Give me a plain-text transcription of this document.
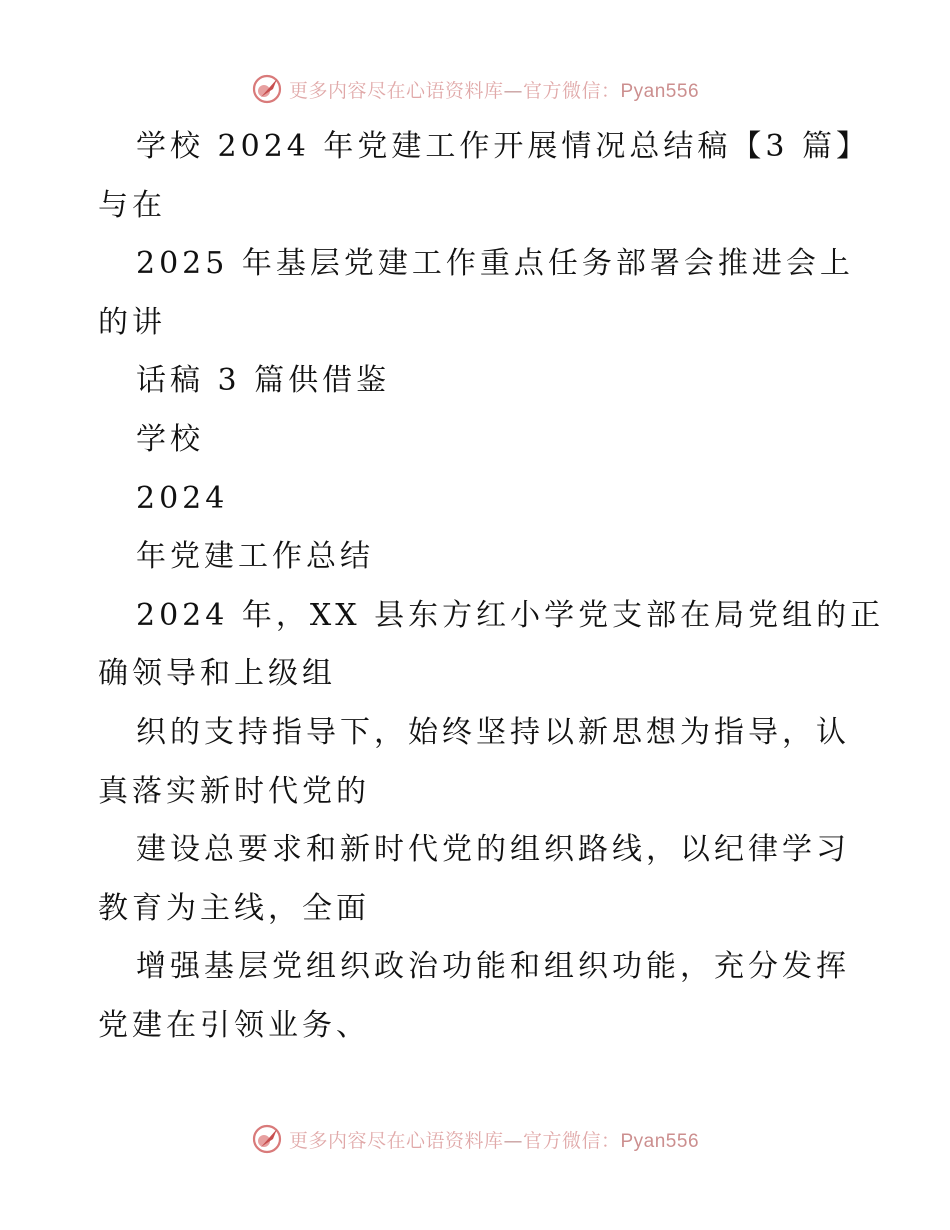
更多内容尽在心语资料库—官方微信：Pyan556
学校 2024 年党建工作开展情况总结稿【3 篇】
与在
2025 年基层党建工作重点任务部署会推进会上
的讲
话稿 3 篇供借鉴
学校
2024
年党建工作总结
2024 年，XX 县东方红小学党支部在局党组的正
确领导和上级组
织的支持指导下，始终坚持以新思想为指导，认
真落实新时代党的
建设总要求和新时代党的组织路线，以纪律学习
教育为主线，全面
增强基层党组织政治功能和组织功能，充分发挥
党建在引领业务、
更多内容尽在心语资料库—官方微信：Pyan556
